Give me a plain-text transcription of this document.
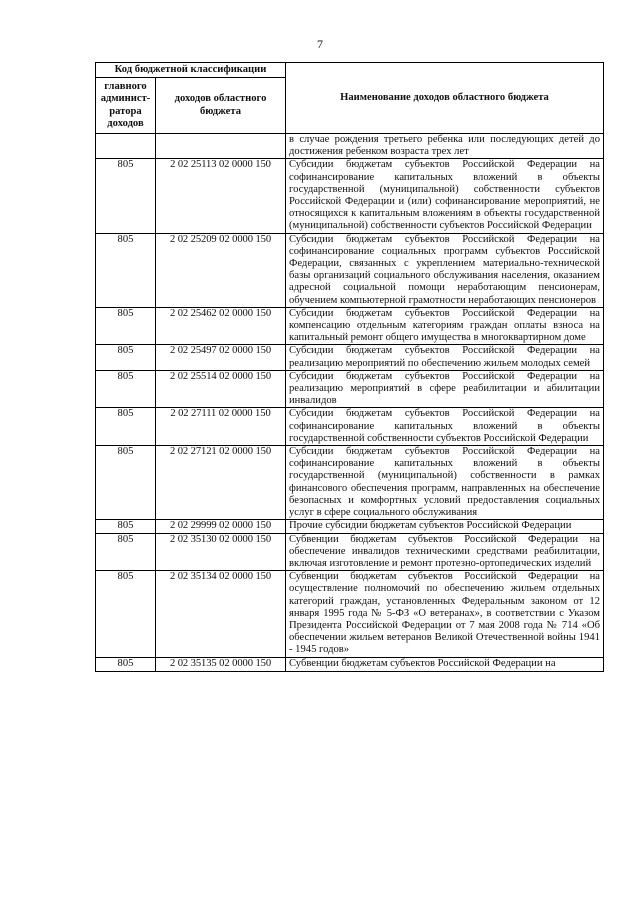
7
Код бюджетной классификации		Наименование доходов областного бюджета
главного
админист-
ратора
доходов	доходов областного бюджета	
		в случае рождения третьего ребенка или последующих детей до достижения ребенком возраста трех лет
805	2 02 25113 02 0000 150	Субсидии бюджетам субъектов Российской Федерации на софинансирование капитальных вложений в объекты государственной (муниципальной) собственности субъектов Российской Федерации и (или) софинансирование мероприятий, не относящихся к капитальным вложениям в объекты государственной (муниципальной) собственности субъектов Российской Федерации
805	2 02 25209 02 0000 150	Субсидии бюджетам субъектов Российской Федерации на софинансирование социальных программ субъектов Российской Федерации, связанных с укреплением материально-технической базы организаций социального обслуживания населения, оказанием адресной социальной помощи неработающим пенсионерам, обучением компьютерной грамотности неработающих пенсионеров
805	2 02 25462 02 0000 150	Субсидии бюджетам субъектов Российской Федерации на компенсацию отдельным категориям граждан оплаты взноса на капитальный ремонт общего имущества в многоквартирном доме
805	2 02 25497 02 0000 150	Субсидии бюджетам субъектов Российской Федерации на реализацию мероприятий по обеспечению жильем молодых семей
805	2 02 25514 02 0000 150	Субсидии бюджетам субъектов Российской Федерации на реализацию мероприятий в сфере реабилитации и абилитации инвалидов
805	2 02 27111 02 0000 150	Субсидии бюджетам субъектов Российской Федерации на софинансирование капитальных вложений в объекты государственной собственности субъектов Российской Федерации
805	2 02 27121 02 0000 150	Субсидии бюджетам субъектов Российской Федерации на софинансирование капитальных вложений в объекты государственной (муниципальной) собственности в рамках финансового обеспечения программ, направленных на обеспечение безопасных и комфортных условий предоставления социальных услуг в сфере социального обслуживания
805	2 02 29999 02 0000 150	Прочие субсидии бюджетам субъектов Российской Федерации
805	2 02 35130 02 0000 150	Субвенции бюджетам субъектов Российской Федерации на обеспечение инвалидов техническими средствами реабилитации, включая изготовление и ремонт протезно-ортопедических изделий
805	2 02 35134 02 0000 150	Субвенции бюджетам субъектов Российской Федерации на осуществление полномочий по обеспечению жильем отдельных категорий граждан, установленных Федеральным законом от 12 января 1995 года № 5-ФЗ «О ветеранах», в соответствии с Указом Президента Российской Федерации от 7 мая 2008 года № 714 «Об обеспечении жильем ветеранов Великой Отечественной войны 1941 - 1945 годов»
805	2 02 35135 02 0000 150	Субвенции бюджетам субъектов Российской Федерации на
